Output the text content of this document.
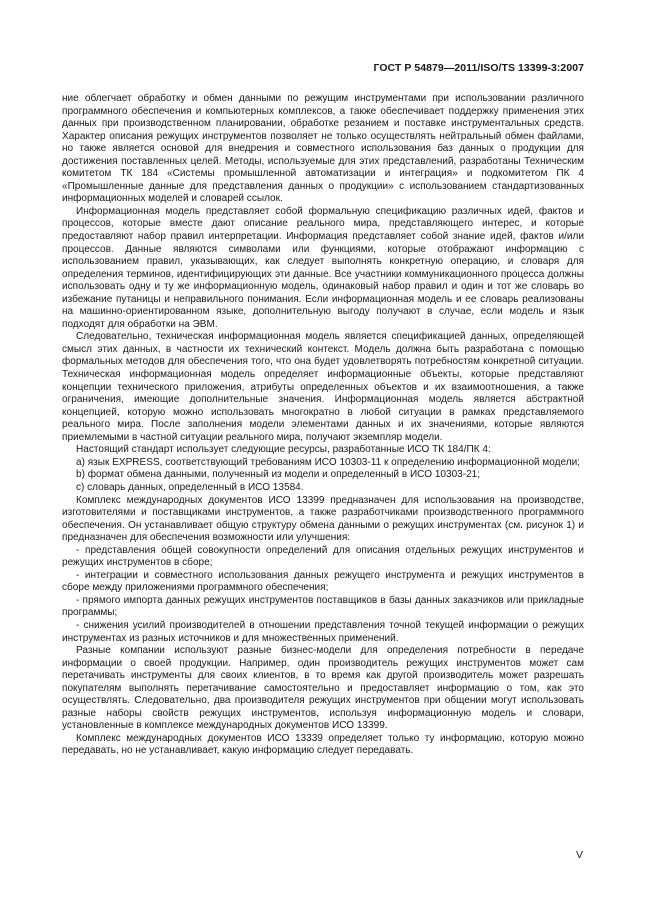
ГОСТ Р 54879—2011/ISO/TS 13399-3:2007

ние облегчает обработку и обмен данными по режущим инструментами при использовании различного программного обеспечения и компьютерных комплексов, а также обеспечивает поддержку применения этих данных при производственном планировании, обработке резанием и поставке инструментальных средств. Характер описания режущих инструментов позволяет не только осуществлять нейтральный обмен файлами, но также является основой для внедрения и совместного использования баз данных о продукции для достижения поставленных целей. Методы, используемые для этих представлений, разработаны Техническим комитетом ТК 184 «Системы промышленной автоматизации и интеграция» и подкомитетом ПК 4 «Промышленные данные для представления данных о продукции» с использованием стандартизованных информационных моделей и словарей ссылок.

Информационная модель представляет собой формальную спецификацию различных идей, фактов и процессов, которые вместе дают описание реального мира, представляющего интерес, и которые предоставляют набор правил интерпретации. Информация представляет собой знание идей, фактов и/или процессов. Данные являются символами или функциями, которые отображают информацию с использованием правил, указывающих, как следует выполнять конкретную операцию, и словаря для определения терминов, идентифицирующих эти данные. Все участники коммуникационного процесса должны использовать одну и ту же информационную модель, одинаковый набор правил и один и тот же словарь во избежание путаницы и неправильного понимания. Если информационная модель и ее словарь реализованы на машинно-ориентированном языке, дополнительную выгоду получают в случае, если модель и язык подходят для обработки на ЭВМ.

Следовательно, техническая информационная модель является спецификацией данных, определяющей смысл этих данных, в частности их технический контекст. Модель должна быть разработана с помощью формальных методов для обеспечения того, что она будет удовлетворять потребностям конкретной ситуации. Техническая информационная модель определяет информационные объекты, которые представляют концепции технического приложения, атрибуты определенных объектов и их взаимоотношения, а также ограничения, имеющие дополнительные значения. Информационная модель является абстрактной концепцией, которую можно использовать многократно в любой ситуации в рамках представляемого реального мира. После заполнения модели элементами данных и их значениями, которые являются приемлемыми в частной ситуации реального мира, получают экземпляр модели.

Настоящий стандарт использует следующие ресурсы, разработанные ИСО ТК 184/ПК 4:

a) язык EXPRESS, соответствующий требованиям ИСО 10303-11 к определению информационной модели;

b) формат обмена данными, полученный из модели и определенный в ИСО 10303-21;

c) словарь данных, определенный в ИСО 13584.

Комплекс международных документов ИСО 13399 предназначен для использования на производстве, изготовителями и поставщиками инструментов, а также разработчиками производственного программного обеспечения. Он устанавливает общую структуру обмена данными о режущих инструментах (см. рисунок 1) и предназначен для обеспечения возможности или улучшения:

- представления общей совокупности определений для описания отдельных режущих инструментов и режущих инструментов в сборе;

- интеграции и совместного использования данных режущего инструмента и режущих инструментов в сборе между приложениями программного обеспечения;

- прямого импорта данных режущих инструментов поставщиков в базы данных заказчиков или прикладные программы;

- снижения усилий производителей в отношении представления точной текущей информации о режущих инструментах из разных источников и для множественных применений.

Разные компании используют разные бизнес-модели для определения потребности в передаче информации о своей продукции. Например, один производитель режущих инструментов может сам перетачивать инструменты для своих клиентов, в то время как другой производитель может разрешать покупателям выполнять перетачивание самостоятельно и предоставляет информацию о том, как это осуществлять. Следовательно, два производителя режущих инструментов при общении могут использовать разные наборы свойств режущих инструментов, используя информационную модель и словари, установленные в комплексе международных документов ИСО 13399.

Комплекс международных документов ИСО 13339 определяет только ту информацию, которую можно передавать, но не устанавливает, какую информацию следует передавать.

V
